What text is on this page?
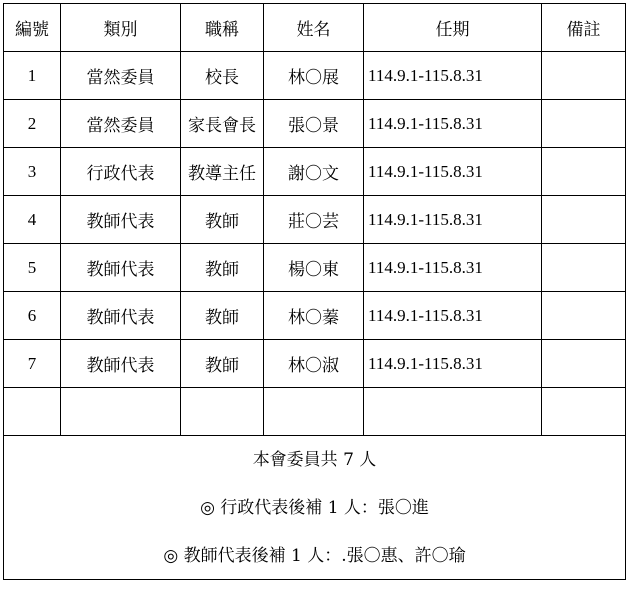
編號	類別	職稱	姓名	任期	備註
1	當然委員	校長	林〇展	114.9.1-115.8.31	
2	當然委員	家長會長	張〇景	114.9.1-115.8.31	
3	行政代表	教導主任	謝〇文	114.9.1-115.8.31	
4	教師代表	教師	莊〇芸	114.9.1-115.8.31	
5	教師代表	教師	楊〇東	114.9.1-115.8.31	
6	教師代表	教師	林〇蓁	114.9.1-115.8.31	
7	教師代表	教師	林〇淑	114.9.1-115.8.31	

本會委員共 7 人
◎ 行政代表後補 1 人：張〇進
◎ 教師代表後補 1 人：.張〇惠、許〇瑜					
